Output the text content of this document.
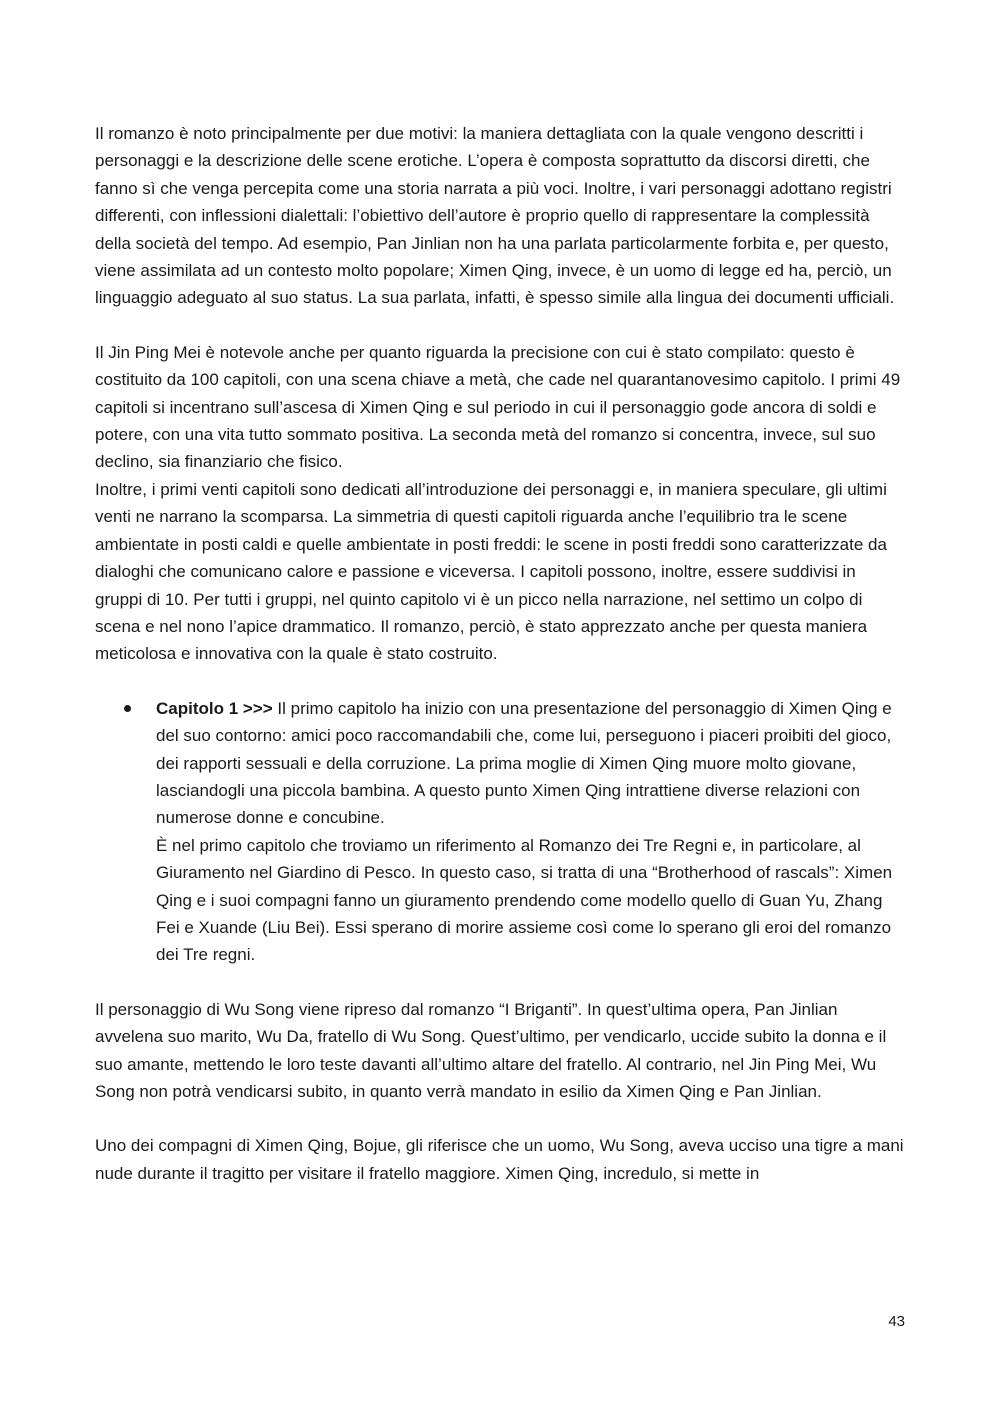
Il romanzo è noto principalmente per due motivi: la maniera dettagliata con la quale vengono descritti i personaggi e la descrizione delle scene erotiche. L’opera è composta soprattutto da discorsi diretti, che fanno sì che venga percepita come una storia narrata a più voci. Inoltre, i vari personaggi adottano registri differenti, con inflessioni dialettali: l’obiettivo dell’autore è proprio quello di rappresentare la complessità della società del tempo. Ad esempio, Pan Jinlian non ha una parlata particolarmente forbita e, per questo, viene assimilata ad un contesto molto popolare; Ximen Qing, invece, è un uomo di legge ed ha, perciò, un linguaggio adeguato al suo status. La sua parlata, infatti, è spesso simile alla lingua dei documenti ufficiali.

Il Jin Ping Mei è notevole anche per quanto riguarda la precisione con cui è stato compilato: questo è costituito da 100 capitoli, con una scena chiave a metà, che cade nel quarantanovesimo capitolo. I primi 49 capitoli si incentrano sull’ascesa di Ximen Qing e sul periodo in cui il personaggio gode ancora di soldi e potere, con una vita tutto sommato positiva. La seconda metà del romanzo si concentra, invece, sul suo declino, sia finanziario che fisico.

Inoltre, i primi venti capitoli sono dedicati all’introduzione dei personaggi e, in maniera speculare, gli ultimi venti ne narrano la scomparsa. La simmetria di questi capitoli riguarda anche l’equilibrio tra le scene ambientate in posti caldi e quelle ambientate in posti freddi: le scene in posti freddi sono caratterizzate da dialoghi che comunicano calore e passione e viceversa. I capitoli possono, inoltre, essere suddivisi in gruppi di 10. Per tutti i gruppi, nel quinto capitolo vi è un picco nella narrazione, nel settimo un colpo di scena e nel nono l’apice drammatico. Il romanzo, perciò, è stato apprezzato anche per questa maniera meticolosa e innovativa con la quale è stato costruito.

Capitolo 1 >>> Il primo capitolo ha inizio con una presentazione del personaggio di Ximen Qing e del suo contorno: amici poco raccomandabili che, come lui, perseguono i piaceri proibiti del gioco, dei rapporti sessuali e della corruzione. La prima moglie di Ximen Qing muore molto giovane, lasciandogli una piccola bambina. A questo punto Ximen Qing intrattiene diverse relazioni con numerose donne e concubine.

È nel primo capitolo che troviamo un riferimento al Romanzo dei Tre Regni e, in particolare, al Giuramento nel Giardino di Pesco. In questo caso, si tratta di una “Brotherhood of rascals”: Ximen Qing e i suoi compagni fanno un giuramento prendendo come modello quello di Guan Yu, Zhang Fei e Xuande (Liu Bei). Essi sperano di morire assieme così come lo sperano gli eroi del romanzo dei Tre regni.

Il personaggio di Wu Song viene ripreso dal romanzo “I Briganti”. In quest’ultima opera, Pan Jinlian avvelena suo marito, Wu Da, fratello di Wu Song. Quest’ultimo, per vendicarlo, uccide subito la donna e il suo amante, mettendo le loro teste davanti all’ultimo altare del fratello. Al contrario, nel Jin Ping Mei, Wu Song non potrà vendicarsi subito, in quanto verrà mandato in esilio da Ximen Qing e Pan Jinlian.

Uno dei compagni di Ximen Qing, Bojue, gli riferisce che un uomo, Wu Song, aveva ucciso una tigre a mani nude durante il tragitto per visitare il fratello maggiore. Ximen Qing, incredulo, si mette in

43
